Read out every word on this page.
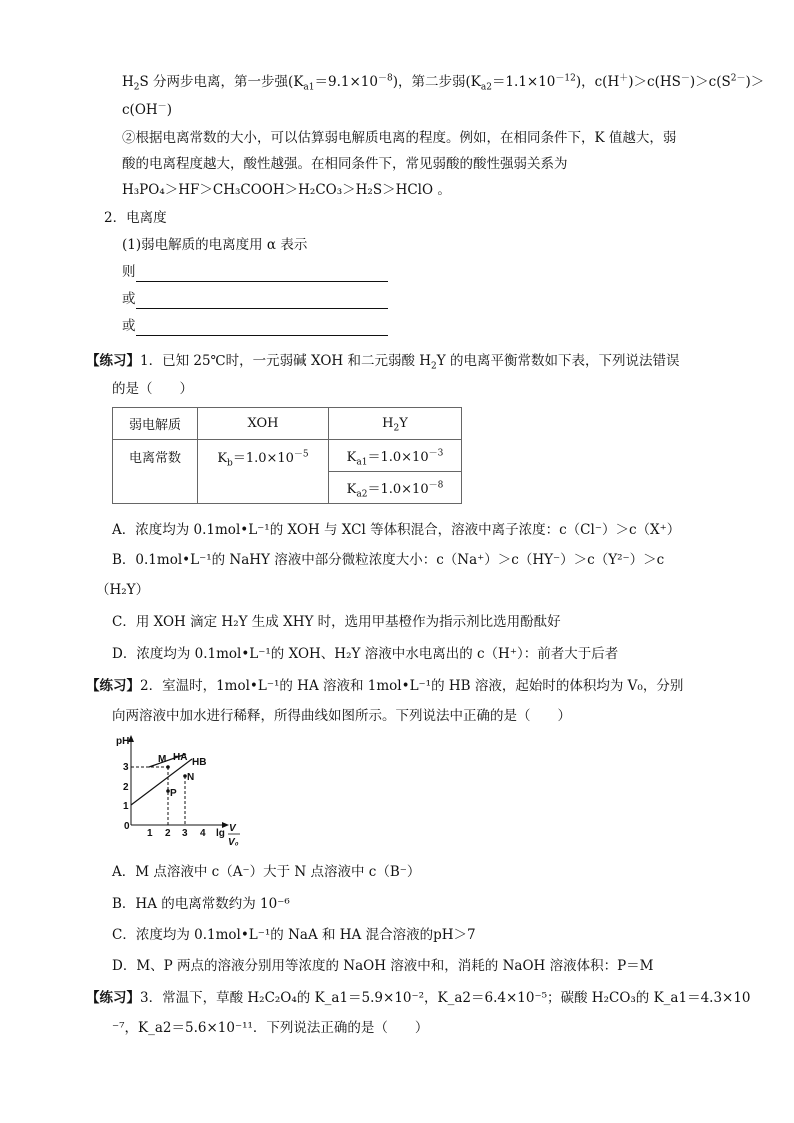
$H_2S$ 分两步电离，第一步强$(K_{a1}=9.1\times 10^{-8})$，第二步弱$(K_{a2}=1.1\times 10^{-12})$，$c(H^+)>c(HS^-)>c(S^{2-})>$
c(OH－)
②根据电离常数的大小，可以估算弱电解质电离的程度。例如，在相同条件下，K 值越大，弱
酸的电离程度越大，酸性越强。在相同条件下，常见弱酸的酸性强弱关系为
H₃PO₄＞HF＞CH₃COOH＞H₂CO₃＞H₂S＞HClO 。
2．电离度
(1)弱电解质的电离度用 α 表示
则
或
或
【练习】1．已知 25℃时，一元弱碱 XOH 和二元弱酸 $H_2Y$ 的电离平衡常数如下表，下列说法错误
的是（　　）
弱电解质	XOH	$H_2Y$
电离常数	$K_b=1.0\times 10^{-5}$	$K_{a1}=1.0\times 10^{-3}$
		$K_{a2}=1.0\times 10^{-8}$
A．浓度均为 0.1mol•L⁻¹的 XOH 与 XCl 等体积混合，溶液中离子浓度：c（Cl⁻）＞c（X⁺）
B．0.1mol•L⁻¹的 NaHY 溶液中部分微粒浓度大小：c（Na⁺）＞c（HY⁻）＞c（Y²⁻）＞c
（H₂Y）
C．用 XOH 滴定 H₂Y 生成 XHY 时，选用甲基橙作为指示剂比选用酚酞好
D．浓度均为 0.1mol•L⁻¹的 XOH、H₂Y 溶液中水电离出的 c（H⁺）：前者大于后者
【练习】2．室温时，1mol•L⁻¹的 HA 溶液和 1mol•L⁻¹的 HB 溶液，起始时的体积均为 V₀，分别
向两溶液中加水进行稀释，所得曲线如图所示。下列说法中正确的是（　　）
pH
3
2
1
0
1 2 3 4 lg V
V₀
M
N
P
HA HB
A．M 点溶液中 c（A⁻）大于 N 点溶液中 c（B⁻）
B．HA 的电离常数约为 10⁻⁶
C．浓度均为 0.1mol•L⁻¹的 NaA 和 HA 混合溶液的pH＞7
D．M、P 两点的溶液分别用等浓度的 NaOH 溶液中和，消耗的 NaOH 溶液体积：P＝M
【练习】3．常温下，草酸 H₂C₂O₄的 K_a1＝5.9×10⁻²，K_a2＝6.4×10⁻⁵；碳酸 H₂CO₃的 K_a1＝4.3×10
⁻⁷，K_a2＝5.6×10⁻¹¹．下列说法正确的是（　　）
